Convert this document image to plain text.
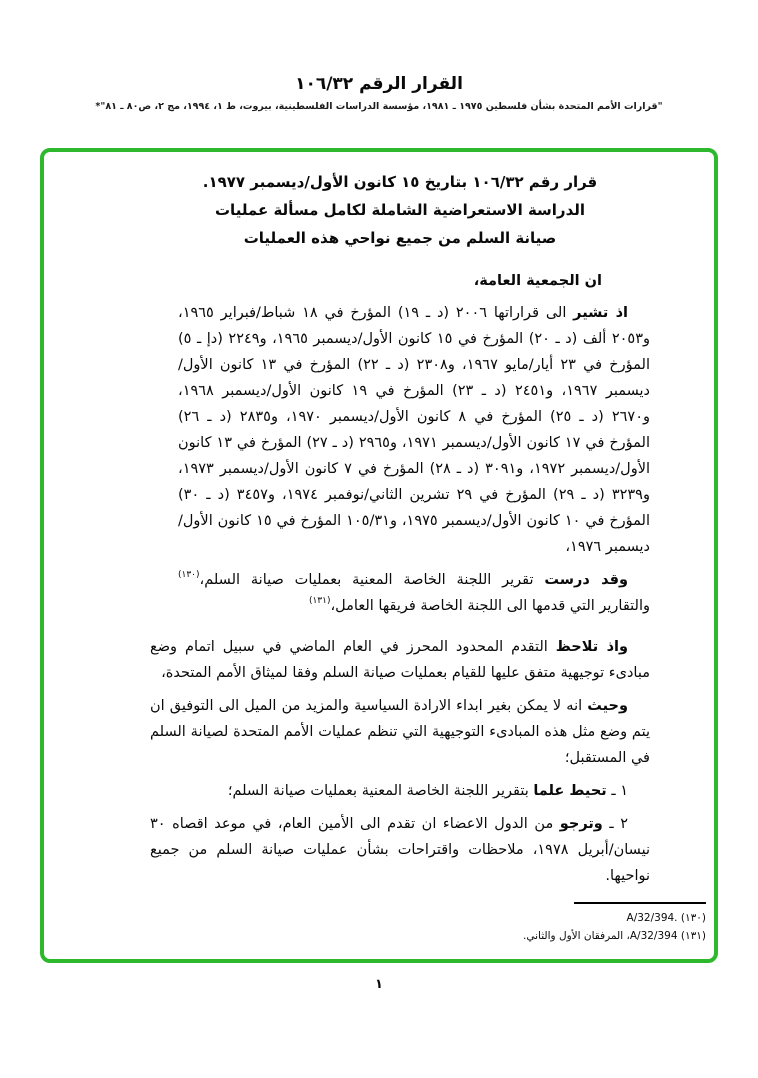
القرار الرقم ١٠٦/٣٢
"قرارات الأمم المتحدة بشأن فلسطين ١٩٧٥ ـ ١٩٨١، مؤسسة الدراسات الفلسطينية، بيروت، ط ١، ١٩٩٤، مج ٢، ص٨٠ ـ ٨١"*
قرار رقم ١٠٦/٣٢ بتاريخ ١٥ كانون الأول/ديسمبر ١٩٧٧.
الدراسة الاستعراضية الشاملة لكامل مسألة عمليات
صيانة السلم من جميع نواحي هذه العمليات
ان الجمعية العامة،

اذ تشير الى قراراتها ٢٠٠٦ (د ـ ١٩) المؤرخ في ١٨ شباط/فبراير ١٩٦٥، و٢٠٥٣ ألف (د ـ ٢٠) المؤرخ في ١٥ كانون الأول/ديسمبر ١٩٦٥، و٢٢٤٩ (دإ ـ ٥) المؤرخ في ٢٣ أيار/مايو ١٩٦٧، و٢٣٠٨ (د ـ ٢٢) المؤرخ في ١٣ كانون الأول/ديسمبر ١٩٦٧، و٢٤٥١ (د ـ ٢٣) المؤرخ في ١٩ كانون الأول/ديسمبر ١٩٦٨، و٢٦٧٠ (د ـ ٢٥) المؤرخ في ٨ كانون الأول/ديسمبر ١٩٧٠، و٢٨٣٥ (د ـ ٢٦) المؤرخ في ١٧ كانون الأول/ديسمبر ١٩٧١، و٢٩٦٥ (د ـ ٢٧) المؤرخ في ١٣ كانون الأول/ديسمبر ١٩٧٢، و٣٠٩١ (د ـ ٢٨) المؤرخ في ٧ كانون الأول/ديسمبر ١٩٧٣، و٣٢٣٩ (د ـ ٢٩) المؤرخ في ٢٩ تشرين الثاني/نوفمبر ١٩٧٤، و٣٤٥٧ (د ـ ٣٠) المؤرخ في ١٠ كانون الأول/ديسمبر ١٩٧٥، و١٠٥/٣١ المؤرخ في ١٥ كانون الأول/ديسمبر ١٩٧٦،

وقد درست تقرير اللجنة الخاصة المعنية بعمليات صيانة السلم،$^{(١٣٠)}$ والتقارير التي قدمها الى اللجنة الخاصة فريقها العامل،$^{(١٣١)}$

واذ تلاحظ التقدم المحدود المحرز في العام الماضي في سبيل اتمام وضع مبادىء توجيهية متفق عليها للقيام بعمليات صيانة السلم وفقا لميثاق الأمم المتحدة،

وحيث انه لا يمكن بغير ابداء الارادة السياسية والمزيد من الميل الى التوفيق ان يتم وضع مثل هذه المبادىء التوجيهية التي تنظم عمليات الأمم المتحدة لصيانة السلم في المستقبل؛

١ ـ تحيط علما بتقرير اللجنة الخاصة المعنية بعمليات صيانة السلم؛

٢ ـ وترجو من الدول الاعضاء ان تقدم الى الأمين العام، في موعد اقصاه ٣٠ نيسان/أبريل ١٩٧٨، ملاحظات واقتراحات بشأن عمليات صيانة السلم من جميع نواحيها.

(١٣٠) A/32/394.
(١٣١) A/32/394، المرفقان الأول والثاني.
١
